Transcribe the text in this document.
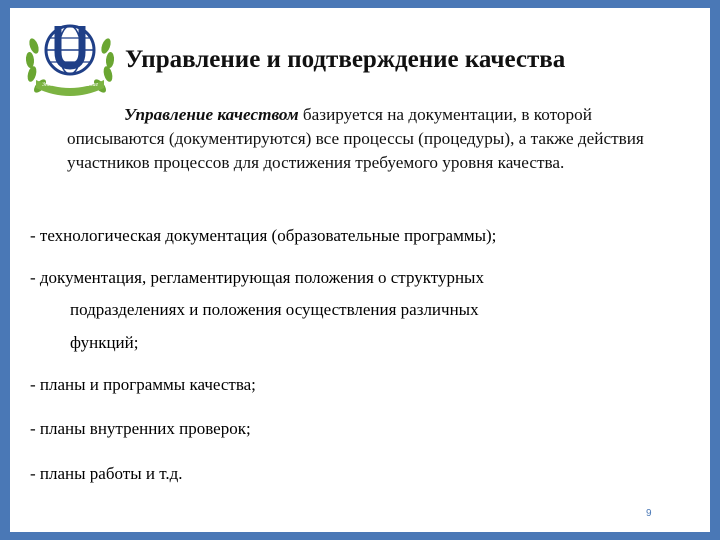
Знания Познание
Управление и подтверждение качества

Управление качеством базируется на документации, в которой описываются (документируются) все процессы (процедуры), а также действия участников процессов для достижения требуемого уровня качества.

- технологическая документация (образовательные программы);
- документация, регламентирующая положения о структурных
подразделениях и положения осуществления различных
функций;
- планы и программы качества;
- планы внутренних проверок;
- планы работы и т.д.
9
